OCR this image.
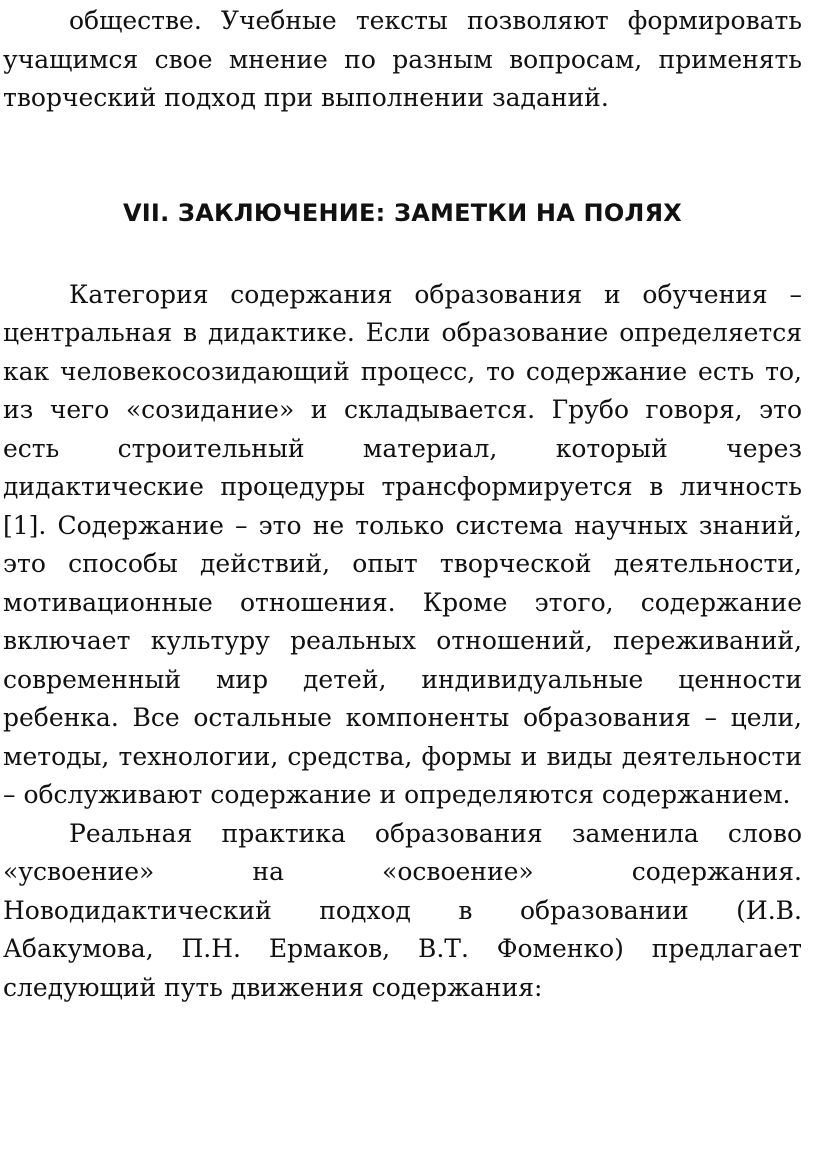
обществе. Учебные тексты позволяют формировать учащимся свое мнение по разным вопросам, применять творческий подход при выполнении заданий.

VII. ЗАКЛЮЧЕНИЕ: ЗАМЕТКИ НА ПОЛЯХ

Категория содержания образования и обучения – центральная в дидактике. Если образование определяется как человекосозидающий процесс, то содержание есть то, из чего «созидание» и складывается. Грубо говоря, это есть строительный материал, который через дидактические процедуры трансформируется в личность [1]. Содержание – это не только система научных знаний, это способы действий, опыт творческой деятельности, мотивационные отношения. Кроме этого, содержание включает культуру реальных отношений, переживаний, современный мир детей, индивидуальные ценности ребенка. Все остальные компоненты образования – цели, методы, технологии, средства, формы и виды деятельности – обслуживают содержание и определяются содержанием.

Реальная практика образования заменила слово «усвоение» на «освоение» содержания. Новодидактический подход в образовании (И.В. Абакумова, П.Н. Ермаков, В.Т. Фоменко) предлагает следующий путь движения содержания:
